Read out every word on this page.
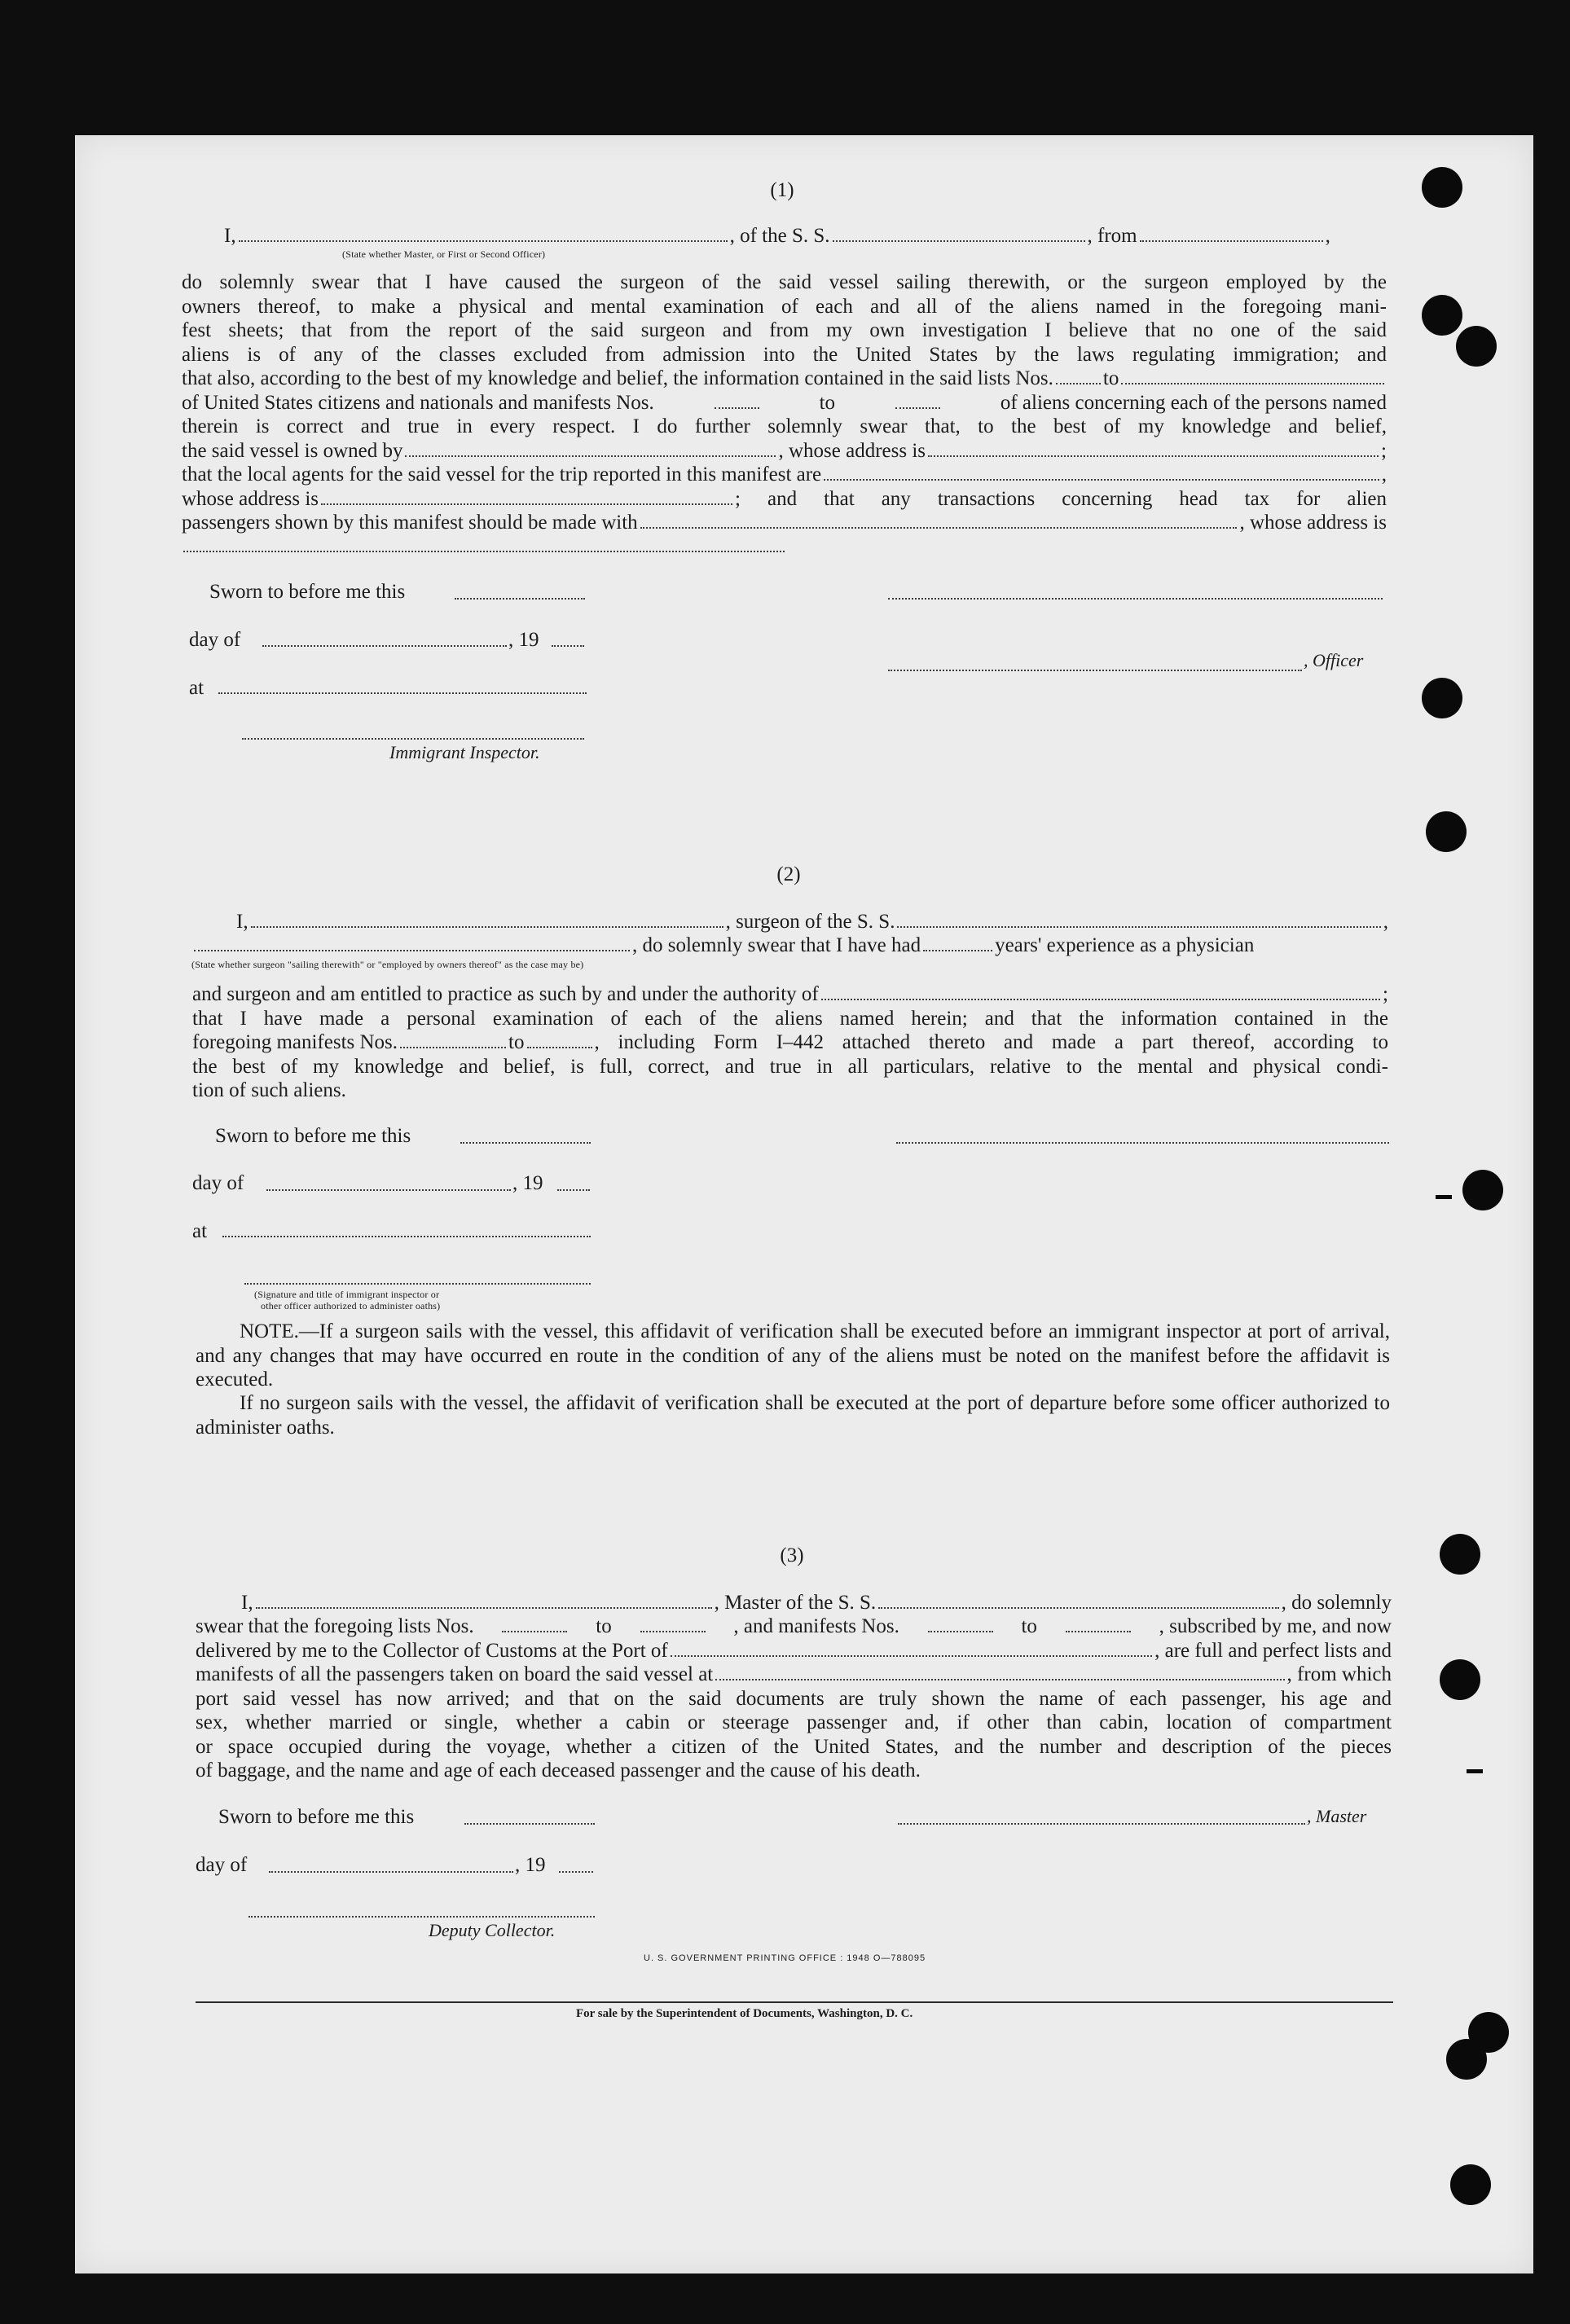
(1)
I,	, of the S. S.	, from	,
(State whether Master, or First or Second Officer)
do solemnly swear that I have caused the surgeon of the said vessel sailing therewith, or the surgeon employed by the
owners thereof, to make a physical and mental examination of each and all of the aliens named in the foregoing mani-
fest sheets; that from the report of the said surgeon and from my own investigation I believe that no one of the said
aliens is of any of the classes excluded from admission into the United States by the laws regulating immigration; and
that also, according to the best of my knowledge and belief, the information contained in the said lists Nos. to
of United States citizens and nationals and manifests Nos.	to	of aliens concerning each of the persons named
therein is correct and true in every respect. I do further solemnly swear that, to the best of my knowledge and belief,
the said vessel is owned by	, whose address is	;
that the local agents for the said vessel for the trip reported in this manifest are	,
whose address is	; and that any transactions concerning head tax for alien
passengers shown by this manifest should be made with	, whose address is
Sworn to before me this
day of	, 19
, Officer
at
Immigrant Inspector.
(2)
I,	, surgeon of the S. S.	,
, do solemnly swear that I have had	years' experience as a physician
(State whether surgeon "sailing therewith" or "employed by owners thereof" as the case may be)
and surgeon and am entitled to practice as such by and under the authority of	;
that I have made a personal examination of each of the aliens named herein; and that the information contained in the
foregoing manifests Nos.	to	, including Form I–442 attached thereto and made a part thereof, according to
the best of my knowledge and belief, is full, correct, and true in all particulars, relative to the mental and physical condi-
tion of such aliens.
Sworn to before me this
day of	, 19
at
(Signature and title of immigrant inspector or
other officer authorized to administer oaths)
NOTE.—If a surgeon sails with the vessel, this affidavit of verification shall be executed before an immigrant inspector at port of arrival, and any changes that may have occurred en route in the condition of any of the aliens must be noted on the manifest before the affidavit is executed.
If no surgeon sails with the vessel, the affidavit of verification shall be executed at the port of departure before some officer authorized to administer oaths.
(3)
I,	, Master of the S. S.	, do solemnly
swear that the foregoing lists Nos.	to	, and manifests Nos.	to	, subscribed by me, and now
delivered by me to the Collector of Customs at the Port of	, are full and perfect lists and
manifests of all the passengers taken on board the said vessel at	, from which
port said vessel has now arrived; and that on the said documents are truly shown the name of each passenger, his age and
sex, whether married or single, whether a cabin or steerage passenger and, if other than cabin, location of compartment
or space occupied during the voyage, whether a citizen of the United States, and the number and description of the pieces
of baggage, and the name and age of each deceased passenger and the cause of his death.
Sworn to before me this	, Master
day of	, 19
Deputy Collector.
U. S. GOVERNMENT PRINTING OFFICE : 1948 O—788095
For sale by the Superintendent of Documents, Washington, D. C.
